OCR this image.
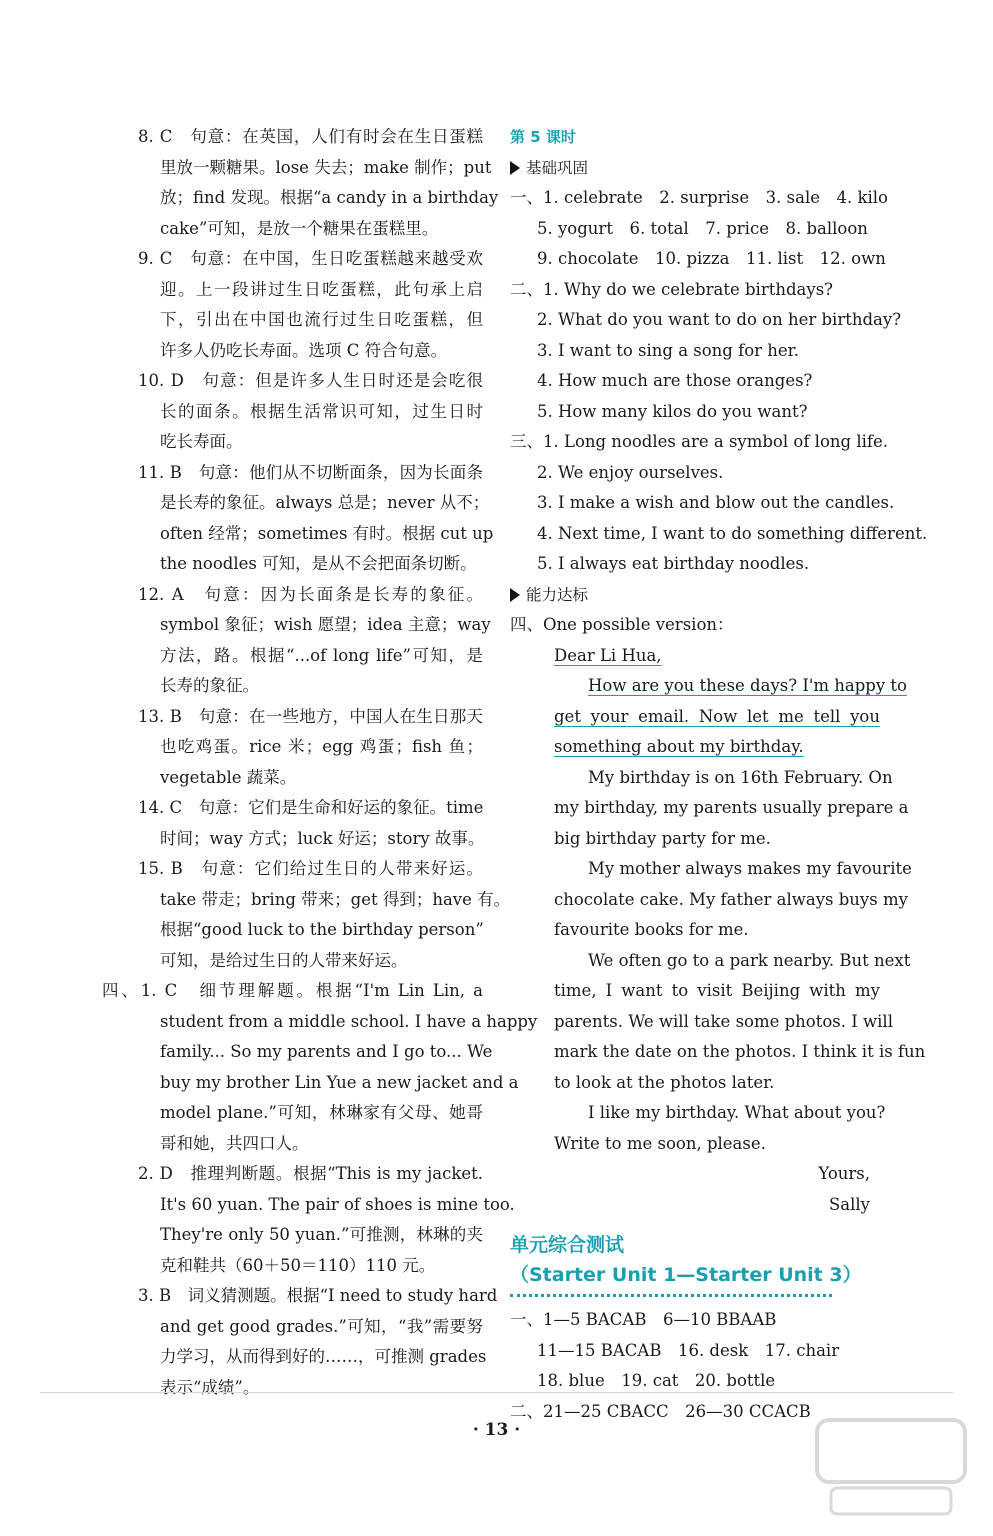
8. C　句意：在英国，人们有时会在生日蛋糕
里放一颗糖果。lose 失去；make 制作；put
放；find 发现。根据“a candy in a birthday
cake”可知，是放一个糖果在蛋糕里。
9. C　句意：在中国，生日吃蛋糕越来越受欢
迎。上一段讲过生日吃蛋糕，此句承上启
下，引出在中国也流行过生日吃蛋糕，但
许多人仍吃长寿面。选项 C 符合句意。
10. D　句意：但是许多人生日时还是会吃很
长的面条。根据生活常识可知，过生日时
吃长寿面。
11. B　句意：他们从不切断面条，因为长面条
是长寿的象征。always 总是；never 从不；
often 经常；sometimes 有时。根据 cut up
the noodles 可知，是从不会把面条切断。
12. A　句意：因为长面条是长寿的象征。
symbol 象征；wish 愿望；idea 主意；way
方法，路。根据“...of long life”可知，是
长寿的象征。
13. B　句意：在一些地方，中国人在生日那天
也吃鸡蛋。rice 米；egg 鸡蛋；fish 鱼；
vegetable 蔬菜。
14. C　句意：它们是生命和好运的象征。time
时间；way 方式；luck 好运；story 故事。
15. B　句意：它们给过生日的人带来好运。
take 带走；bring 带来；get 得到；have 有。
根据“good luck to the birthday person”
可知，是给过生日的人带来好运。
四、1. C　细节理解题。根据“I'm Lin Lin, a
student from a middle school. I have a happy
family... So my parents and I go to... We
buy my brother Lin Yue a new jacket and a
model plane.”可知，林琳家有父母、她哥
哥和她，共四口人。
2. D　推理判断题。根据“This is my jacket.
It's 60 yuan. The pair of shoes is mine too.
They're only 50 yuan.”可推测，林琳的夹
克和鞋共（60＋50＝110）110 元。
3. B　词义猜测题。根据“I need to study hard
and get good grades.”可知，“我”需要努
力学习，从而得到好的……，可推测 grades
表示“成绩”。
第 5 课时
基础巩固
一、1. celebrate　2. surprise　3. sale　4. kilo
5. yogurt　6. total　7. price　8. balloon
9. chocolate　10. pizza　11. list　12. own
二、1. Why do we celebrate birthdays?
2. What do you want to do on her birthday?
3. I want to sing a song for her.
4. How much are those oranges?
5. How many kilos do you want?
三、1. Long noodles are a symbol of long life.
2. We enjoy ourselves.
3. I make a wish and blow out the candles.
4. Next time, I want to do something different.
5. I always eat birthday noodles.
能力达标
四、One possible version：
Dear Li Hua,
How are you these days? I'm happy to
get your email. Now let me tell you
something about my birthday.
My birthday is on 16th February. On
my birthday, my parents usually prepare a
big birthday party for me.
My mother always makes my favourite
chocolate cake. My father always buys my
favourite books for me.
We often go to a park nearby. But next
time, I want to visit Beijing with my
parents. We will take some photos. I will
mark the date on the photos. I think it is fun
to look at the photos later.
I like my birthday. What about you?
Write to me soon, please.
Yours,
Sally
单元综合测试
（Starter Unit 1—Starter Unit 3）
一、1—5 BACAB　6—10 BBAAB
11—15 BACAB　16. desk　17. chair
18. blue　19. cat　20. bottle
二、21—25 CBACC　26—30 CCACB
· 13 ·
